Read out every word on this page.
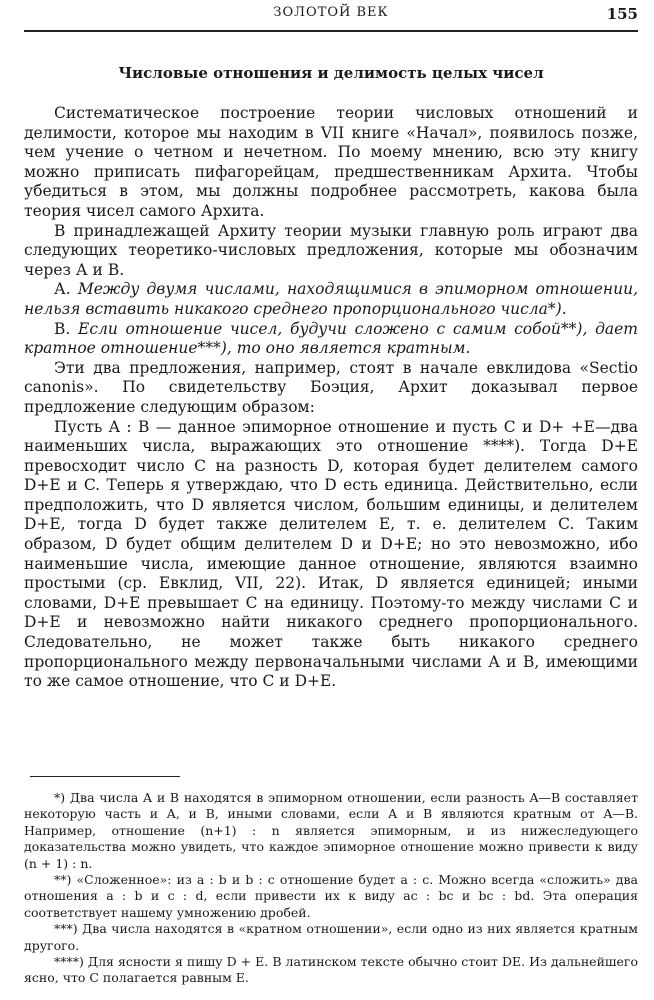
ЗОЛОТОЙ ВЕК	155
Числовые отношения и делимость целых чисел

Систематическое построение теории числовых отношений и делимости, которое мы находим в VII книге «Начал», появилось позже, чем учение о четном и нечетном. По моему мнению, всю эту книгу можно приписать пифагорейцам, предшественникам Архита. Чтобы убедиться в этом, мы должны подробнее рассмотреть, какова была теория чисел самого Архита.

В принадлежащей Архиту теории музыки главную роль играют два следующих теоретико-числовых предложения, которые мы обозначим через А и В.

А. Между двумя числами, находящимися в эпиморном отношении, нельзя вставить никакого среднего пропорционального числа*).

В. Если отношение чисел, будучи сложено с самим собой**), дает кратное отношение***), то оно является кратным.

Эти два предложения, например, стоят в начале евклидова «Sectio canonis». По свидетельству Боэция, Архит доказывал первое предложение следующим образом:

Пусть A : B — данное эпиморное отношение и пусть C и D+ +E—два наименьших числа, выражающих это отношение ****). Тогда D+E превосходит число C на разность D, которая будет делителем самого D+E и C. Теперь я утверждаю, что D есть единица. Действительно, если предположить, что D является числом, большим единицы, и делителем D+E, тогда D будет также делителем E, т. е. делителем C. Таким образом, D будет общим делителем D и D+E; но это невозможно, ибо наименьшие числа, имеющие данное отношение, являются взаимно простыми (ср. Евклид, VII, 22). Итак, D является единицей; иными словами, D+E превышает C на единицу. Поэтому-то между числами C и D+E и невозможно найти никакого среднего пропорционального. Следовательно, не может также быть никакого среднего пропорционального между первоначальными числами A и B, имеющими то же самое отношение, что C и D+E.

*) Два числа A и B находятся в эпиморном отношении, если разность A—B составляет некоторую часть и A, и B, иными словами, если A и B являются кратным от A—B. Например, отношение (n+1) : n является эпиморным, и из нижеследующего доказательства можно увидеть, что каждое эпиморное отношение можно привести к виду (n + 1) : n.

**) «Сложенное»: из a : b и b : c отношение будет a : c. Можно всегда «сложить» два отношения a : b и c : d, если привести их к виду ac : bc и bc : bd. Эта операция соответствует нашему умножению дробей.

***) Два числа находятся в «кратном отношении», если одно из них является кратным другого.

****) Для ясности я пишу D + E. В латинском тексте обычно стоит DE. Из дальнейшего ясно, что C полагается равным E.
